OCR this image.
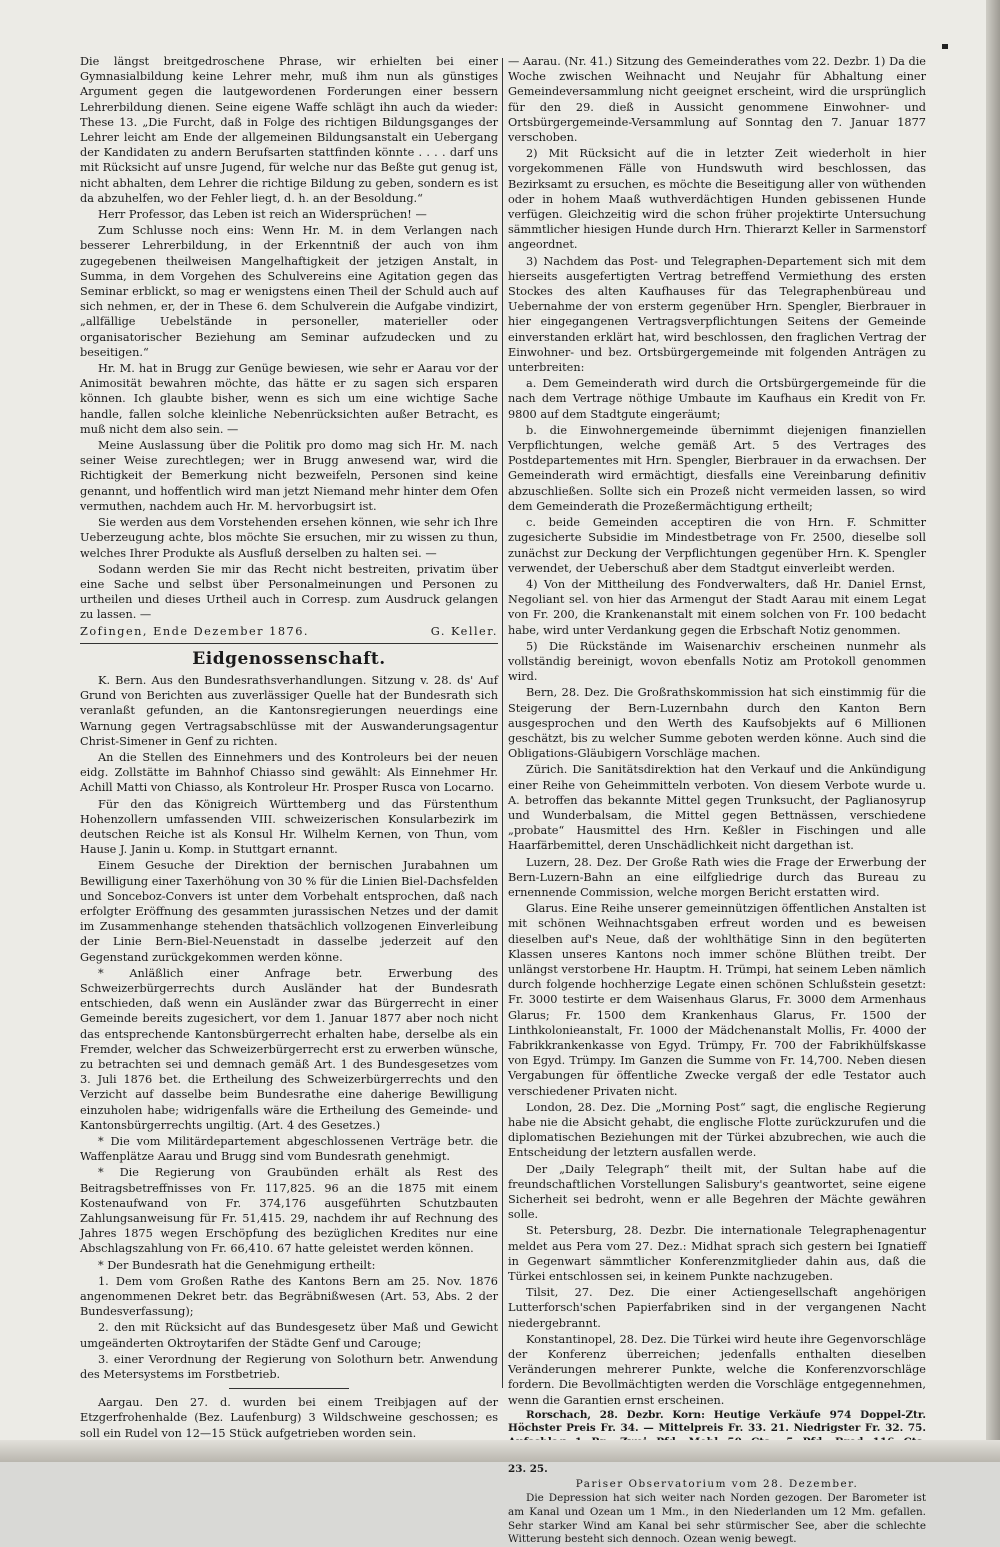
Die längst breitgedroschene Phrase, wir erhielten bei einer Gymnasialbildung keine Lehrer mehr, muß ihm nun als günstiges Argument gegen die lautgewordenen Forderungen einer bessern Lehrerbildung dienen. Seine eigene Waffe schlägt ihn auch da wieder: These 13. „Die Furcht, daß in Folge des richtigen Bildungsganges der Lehrer leicht am Ende der allgemeinen Bildungsanstalt ein Uebergang der Kandidaten zu andern Berufsarten stattfinden könnte . . . . darf uns mit Rücksicht auf unsre Jugend, für welche nur das Beßte gut genug ist, nicht abhalten, dem Lehrer die richtige Bildung zu geben, sondern es ist da abzuhelfen, wo der Fehler liegt, d. h. an der Besoldung.“

Herr Professor, das Leben ist reich an Widersprüchen! —

Zum Schlusse noch eins: Wenn Hr. M. in dem Verlangen nach besserer Lehrerbildung, in der Erkenntniß der auch von ihm zugegebenen theilweisen Mangelhaftigkeit der jetzigen Anstalt, in Summa, in dem Vorgehen des Schulvereins eine Agitation gegen das Seminar erblickt, so mag er wenigstens einen Theil der Schuld auch auf sich nehmen, er, der in These 6. dem Schulverein die Aufgabe vindizirt, „allfällige Uebelstände in personeller, materieller oder organisatorischer Beziehung am Seminar aufzudecken und zu beseitigen.“

Hr. M. hat in Brugg zur Genüge bewiesen, wie sehr er Aarau vor der Animosität bewahren möchte, das hätte er zu sagen sich ersparen können. Ich glaubte bisher, wenn es sich um eine wichtige Sache handle, fallen solche kleinliche Nebenrücksichten außer Betracht, es muß nicht dem also sein. —

Meine Auslassung über die Politik pro domo mag sich Hr. M. nach seiner Weise zurechtlegen; wer in Brugg anwesend war, wird die Richtigkeit der Bemerkung nicht bezweifeln, Personen sind keine genannt, und hoffentlich wird man jetzt Niemand mehr hinter dem Ofen vermuthen, nachdem auch Hr. M. hervorbugsirt ist.

Sie werden aus dem Vorstehenden ersehen können, wie sehr ich Ihre Ueberzeugung achte, blos möchte Sie ersuchen, mir zu wissen zu thun, welches Ihrer Produkte als Ausfluß derselben zu halten sei. —

Sodann werden Sie mir das Recht nicht bestreiten, privatim über eine Sache und selbst über Personalmeinungen und Personen zu urtheilen und dieses Urtheil auch in Corresp. zum Ausdruck gelangen zu lassen. —

Zofingen, Ende Dezember 1876.	G. Keller.
Eidgenossenschaft.

K. Bern. Aus den Bundesrathsverhandlungen. Sitzung v. 28. ds' Auf Grund von Berichten aus zuverlässiger Quelle hat der Bundesrath sich veranlaßt gefunden, an die Kantonsregierungen neuerdings eine Warnung gegen Vertragsabschlüsse mit der Auswanderungsagentur Christ-Simener in Genf zu richten.

An die Stellen des Einnehmers und des Kontroleurs bei der neuen eidg. Zollstätte im Bahnhof Chiasso sind gewählt: Als Einnehmer Hr. Achill Matti von Chiasso, als Kontroleur Hr. Prosper Rusca von Locarno.

Für den das Königreich Württemberg und das Fürstenthum Hohenzollern umfassenden VIII. schweizerischen Konsularbezirk im deutschen Reiche ist als Konsul Hr. Wilhelm Kernen, von Thun, vom Hause J. Janin u. Komp. in Stuttgart ernannt.

Einem Gesuche der Direktion der bernischen Jurabahnen um Bewilligung einer Taxerhöhung von 30 % für die Linien Biel-Dachsfelden und Sonceboz-Convers ist unter dem Vorbehalt entsprochen, daß nach erfolgter Eröffnung des gesammten jurassischen Netzes und der damit im Zusammenhange stehenden thatsächlich vollzogenen Einverleibung der Linie Bern-Biel-Neuenstadt in dasselbe jederzeit auf den Gegenstand zurückgekommen werden könne.

* Anläßlich einer Anfrage betr. Erwerbung des Schweizerbürgerrechts durch Ausländer hat der Bundesrath entschieden, daß wenn ein Ausländer zwar das Bürgerrecht in einer Gemeinde bereits zugesichert, vor dem 1. Januar 1877 aber noch nicht das entsprechende Kantonsbürgerrecht erhalten habe, derselbe als ein Fremder, welcher das Schweizerbürgerrecht erst zu erwerben wünsche, zu betrachten sei und demnach gemäß Art. 1 des Bundesgesetzes vom 3. Juli 1876 bet. die Ertheilung des Schweizerbürgerrechts und den Verzicht auf dasselbe beim Bundesrathe eine daherige Bewilligung einzuholen habe; widrigenfalls wäre die Ertheilung des Gemeinde- und Kantonsbürgerrechts ungiltig. (Art. 4 des Gesetzes.)

* Die vom Militärdepartement abgeschlossenen Verträge betr. die Waffenplätze Aarau und Brugg sind vom Bundesrath genehmigt.

* Die Regierung von Graubünden erhält als Rest des Beitragsbetreffnisses von Fr. 117,825. 96 an die 1875 mit einem Kostenaufwand von Fr. 374,176 ausgeführten Schutzbauten Zahlungsanweisung für Fr. 51,415. 29, nachdem ihr auf Rechnung des Jahres 1875 wegen Erschöpfung des bezüglichen Kredites nur eine Abschlagszahlung von Fr. 66,410. 67 hatte geleistet werden können.

* Der Bundesrath hat die Genehmigung ertheilt:

1. Dem vom Großen Rathe des Kantons Bern am 25. Nov. 1876 angenommenen Dekret betr. das Begräbnißwesen (Art. 53, Abs. 2 der Bundesverfassung);

2. den mit Rücksicht auf das Bundesgesetz über Maß und Gewicht umgeänderten Oktroytarifen der Städte Genf und Carouge;

3. einer Verordnung der Regierung von Solothurn betr. Anwendung des Metersystems im Forstbetrieb.

Aargau. Den 27. d. wurden bei einem Treibjagen auf der Etzgerfrohenhalde (Bez. Laufenburg) 3 Wildschweine geschossen; es soll ein Rudel von 12—15 Stück aufgetrieben worden sein.

— Aarau. (Nr. 41.) Sitzung des Gemeinderathes vom 22. Dezbr. 1) Da die Woche zwischen Weihnacht und Neujahr für Abhaltung einer Gemeindeversammlung nicht geeignet erscheint, wird die ursprünglich für den 29. dieß in Aussicht genommene Einwohner- und Ortsbürgergemeinde-Versammlung auf Sonntag den 7. Januar 1877 verschoben.

2) Mit Rücksicht auf die in letzter Zeit wiederholt in hier vorgekommenen Fälle von Hundswuth wird beschlossen, das Bezirksamt zu ersuchen, es möchte die Beseitigung aller von wüthenden oder in hohem Maaß wuthverdächtigen Hunden gebissenen Hunde verfügen. Gleichzeitig wird die schon früher projektirte Untersuchung sämmtlicher hiesigen Hunde durch Hrn. Thierarzt Keller in Sarmenstorf angeordnet.

3) Nachdem das Post- und Telegraphen-Departement sich mit dem hierseits ausgefertigten Vertrag betreffend Vermiethung des ersten Stockes des alten Kaufhauses für das Telegraphenbüreau und Uebernahme der von ersterm gegenüber Hrn. Spengler, Bierbrauer in hier eingegangenen Vertragsverpflichtungen Seitens der Gemeinde einverstanden erklärt hat, wird beschlossen, den fraglichen Vertrag der Einwohner- und bez. Ortsbürgergemeinde mit folgenden Anträgen zu unterbreiten:

a. Dem Gemeinderath wird durch die Ortsbürgergemeinde für die nach dem Vertrage nöthige Umbaute im Kaufhaus ein Kredit von Fr. 9800 auf dem Stadtgute eingeräumt;

b. die Einwohnergemeinde übernimmt diejenigen finanziellen Verpflichtungen, welche gemäß Art. 5 des Vertrages des Postdepartementes mit Hrn. Spengler, Bierbrauer in da erwachsen. Der Gemeinderath wird ermächtigt, diesfalls eine Vereinbarung definitiv abzuschließen. Sollte sich ein Prozeß nicht vermeiden lassen, so wird dem Gemeinderath die Prozeßermächtigung ertheilt;

c. beide Gemeinden acceptiren die von Hrn. F. Schmitter zugesicherte Subsidie im Mindestbetrage von Fr. 2500, dieselbe soll zunächst zur Deckung der Verpflichtungen gegenüber Hrn. K. Spengler verwendet, der Ueberschuß aber dem Stadtgut einverleibt werden.

4) Von der Mittheilung des Fondverwalters, daß Hr. Daniel Ernst, Negoliant sel. von hier das Armengut der Stadt Aarau mit einem Legat von Fr. 200, die Krankenanstalt mit einem solchen von Fr. 100 bedacht habe, wird unter Verdankung gegen die Erbschaft Notiz genommen.

5) Die Rückstände im Waisenarchiv erscheinen nunmehr als vollständig bereinigt, wovon ebenfalls Notiz am Protokoll genommen wird.

Bern, 28. Dez. Die Großrathskommission hat sich einstimmig für die Steigerung der Bern-Luzernbahn durch den Kanton Bern ausgesprochen und den Werth des Kaufsobjekts auf 6 Millionen geschätzt, bis zu welcher Summe geboten werden könne. Auch sind die Obligations-Gläubigern Vorschläge machen.

Zürich. Die Sanitätsdirektion hat den Verkauf und die Ankündigung einer Reihe von Geheimmitteln verboten. Von diesem Verbote wurde u. A. betroffen das bekannte Mittel gegen Trunksucht, der Paglianosyrup und Wunderbalsam, die Mittel gegen Bettnässen, verschiedene „probate“ Hausmittel des Hrn. Keßler in Fischingen und alle Haarfärbemittel, deren Unschädlichkeit nicht dargethan ist.

Luzern, 28. Dez. Der Große Rath wies die Frage der Erwerbung der Bern-Luzern-Bahn an eine eilfgliedrige durch das Bureau zu ernennende Commission, welche morgen Bericht erstatten wird.

Glarus. Eine Reihe unserer gemeinnützigen öffentlichen Anstalten ist mit schönen Weihnachtsgaben erfreut worden und es beweisen dieselben auf's Neue, daß der wohlthätige Sinn in den begüterten Klassen unseres Kantons noch immer schöne Blüthen treibt. Der unlängst verstorbene Hr. Hauptm. H. Trümpi, hat seinem Leben nämlich durch folgende hochherzige Legate einen schönen Schlußstein gesetzt: Fr. 3000 testirte er dem Waisenhaus Glarus, Fr. 3000 dem Armenhaus Glarus; Fr. 1500 dem Krankenhaus Glarus, Fr. 1500 der Linthkolonieanstalt, Fr. 1000 der Mädchenanstalt Mollis, Fr. 4000 der Fabrikkrankenkasse von Egyd. Trümpy, Fr. 700 der Fabrikhülfskasse von Egyd. Trümpy. Im Ganzen die Summe von Fr. 14,700. Neben diesen Vergabungen für öffentliche Zwecke vergaß der edle Testator auch verschiedener Privaten nicht.

London, 28. Dez. Die „Morning Post“ sagt, die englische Regierung habe nie die Absicht gehabt, die englische Flotte zurückzurufen und die diplomatischen Beziehungen mit der Türkei abzubrechen, wie auch die Entscheidung der letztern ausfallen werde.

Der „Daily Telegraph“ theilt mit, der Sultan habe auf die freundschaftlichen Vorstellungen Salisbury's geantwortet, seine eigene Sicherheit sei bedroht, wenn er alle Begehren der Mächte gewähren solle.

St. Petersburg, 28. Dezbr. Die internationale Telegraphenagentur meldet aus Pera vom 27. Dez.: Midhat sprach sich gestern bei Ignatieff in Gegenwart sämmtlicher Konferenzmitglieder dahin aus, daß die Türkei entschlossen sei, in keinem Punkte nachzugeben.

Tilsit, 27. Dez. Die einer Actiengesellschaft angehörigen Lutterforsch'schen Papierfabriken sind in der vergangenen Nacht niedergebrannt.

Konstantinopel, 28. Dez. Die Türkei wird heute ihre Gegenvorschläge der Konferenz überreichen; jedenfalls enthalten dieselben Veränderungen mehrerer Punkte, welche die Konferenzvorschläge fordern. Die Bevollmächtigten werden die Vorschläge entgegennehmen, wenn die Garantien ernst erscheinen.

Rorschach, 28. Dezbr. Korn: Heutige Verkäufe 974 Doppel-Ztr. Höchster Preis Fr. 34. — Mittelpreis Fr. 33. 21. Niedrigster Fr. 32. 75. 23. 25.

Pariser Observatorium vom 28. Dezember.

Die Depression hat sich weiter nach Norden gezogen. Der Barometer ist am Kanal und Ozean um 1 Mm., in den Niederlanden um 12 Mm. gefallen. Sehr starker Wind am Kanal bei sehr stürmischer See, aber die schlechte Witterung besteht sich dennoch. Ozean wenig bewegt.
